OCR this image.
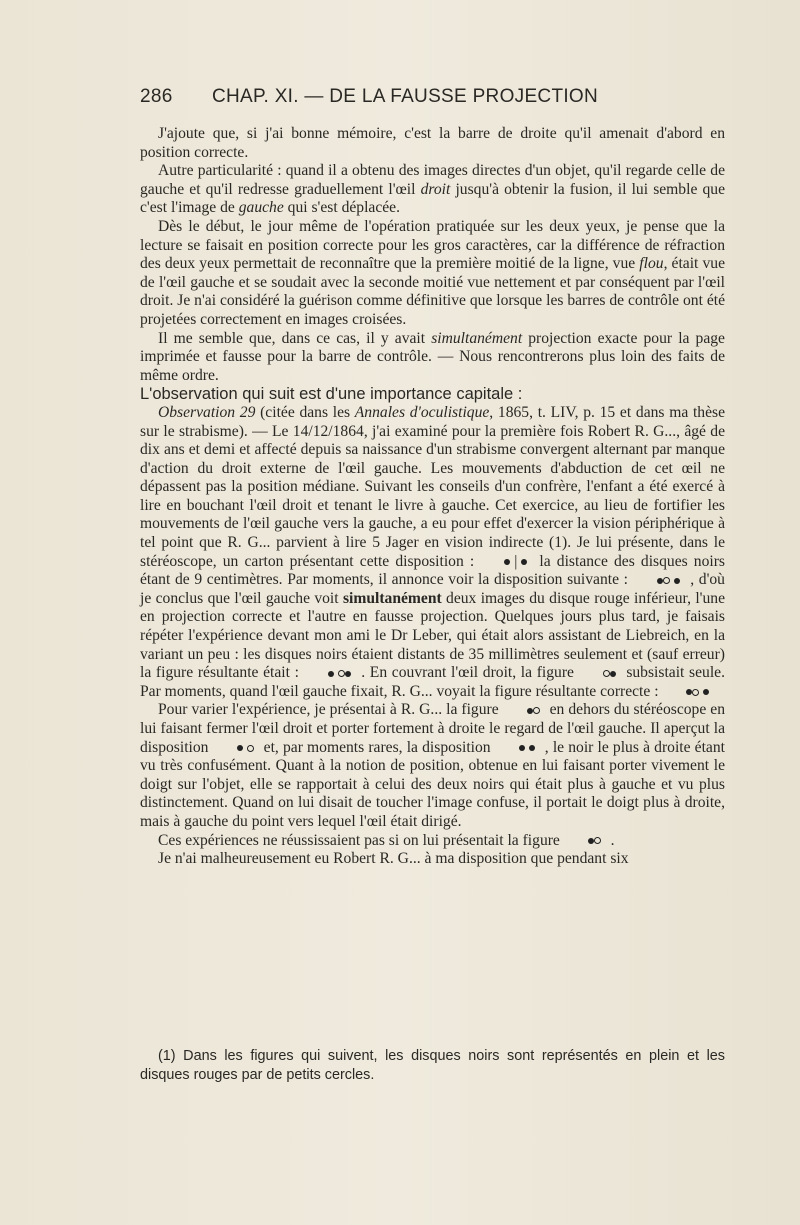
286 CHAP. XI. — DE LA FAUSSE PROJECTION

J'ajoute que, si j'ai bonne mémoire, c'est la barre de droite qu'il amenait d'abord en position correcte.

Autre particularité : quand il a obtenu des images directes d'un objet, qu'il regarde celle de gauche et qu'il redresse graduellement l'œil droit jusqu'à obtenir la fusion, il lui semble que c'est l'image de gauche qui s'est déplacée.

Dès le début, le jour même de l'opération pratiquée sur les deux yeux, je pense que la lecture se faisait en position correcte pour les gros caractères, car la différence de réfraction des deux yeux permettait de reconnaître que la première moitié de la ligne, vue flou, était vue de l'œil gauche et se soudait avec la seconde moitié vue nettement et par conséquent par l'œil droit. Je n'ai considéré la guérison comme définitive que lorsque les barres de contrôle ont été projetées correctement en images croisées.

Il me semble que, dans ce cas, il y avait simultanément projection exacte pour la page imprimée et fausse pour la barre de contrôle. — Nous rencontrerons plus loin des faits de même ordre.

L'observation qui suit est d'une importance capitale :

Observation 29 (citée dans les Annales d'oculistique, 1865, t. LIV, p. 15 et dans ma thèse sur le strabisme). — Le 14/12/1864, j'ai examiné pour la première fois Robert R. G..., âgé de dix ans et demi et affecté depuis sa naissance d'un strabisme convergent alternant par manque d'action du droit externe de l'œil gauche. Les mouvements d'abduction de cet œil ne dépassent pas la position médiane. Suivant les conseils d'un confrère, l'enfant a été exercé à lire en bouchant l'œil droit et tenant le livre à gauche. Cet exercice, au lieu de fortifier les mouvements de l'œil gauche vers la gauche, a eu pour effet d'exercer la vision périphérique à tel point que R. G... parvient à lire 5 Jager en vision indirecte (1). Je lui présente, dans le stéréoscope, un carton présentant cette disposition :  |  la distance des disques noirs étant de 9 centimètres. Par moments, il annonce voir la disposition suivante :	, d'où je conclus que l'œil gauche voit simultanément deux images du disque rouge inférieur, l'une en projection correcte et l'autre en fausse projection. Quelques jours plus tard, je faisais répéter l'expérience devant mon ami le Dr Leber, qui était alors assistant de Liebreich, en la variant un peu : les disques noirs étaient distants de 35 millimètres seulement et (sauf erreur) la figure résultante était :	. En couvrant l'œil droit, la figure	subsistait seule. Par moments, quand l'œil gauche fixait, R. G... voyait la figure résultante correcte :

Pour varier l'expérience, je présentai à R. G... la figure	en dehors du stéréoscope en lui faisant fermer l'œil droit et porter fortement à droite le regard de l'œil gauche. Il aperçut la disposition	et, par moments rares, la disposition	, le noir le plus à droite étant vu très confusément. Quant à la notion de position, obtenue en lui faisant porter vivement le doigt sur l'objet, elle se rapportait à celui des deux noirs qui était plus à gauche et vu plus distinctement. Quand on lui disait de toucher l'image confuse, il portait le doigt plus à droite, mais à gauche du point vers lequel l'œil était dirigé.

Ces expériences ne réussissaient pas si on lui présentait la figure	.

Je n'ai malheureusement eu Robert R. G... à ma disposition que pendant six

(1) Dans les figures qui suivent, les disques noirs sont représentés en plein et les disques rouges par de petits cercles.
